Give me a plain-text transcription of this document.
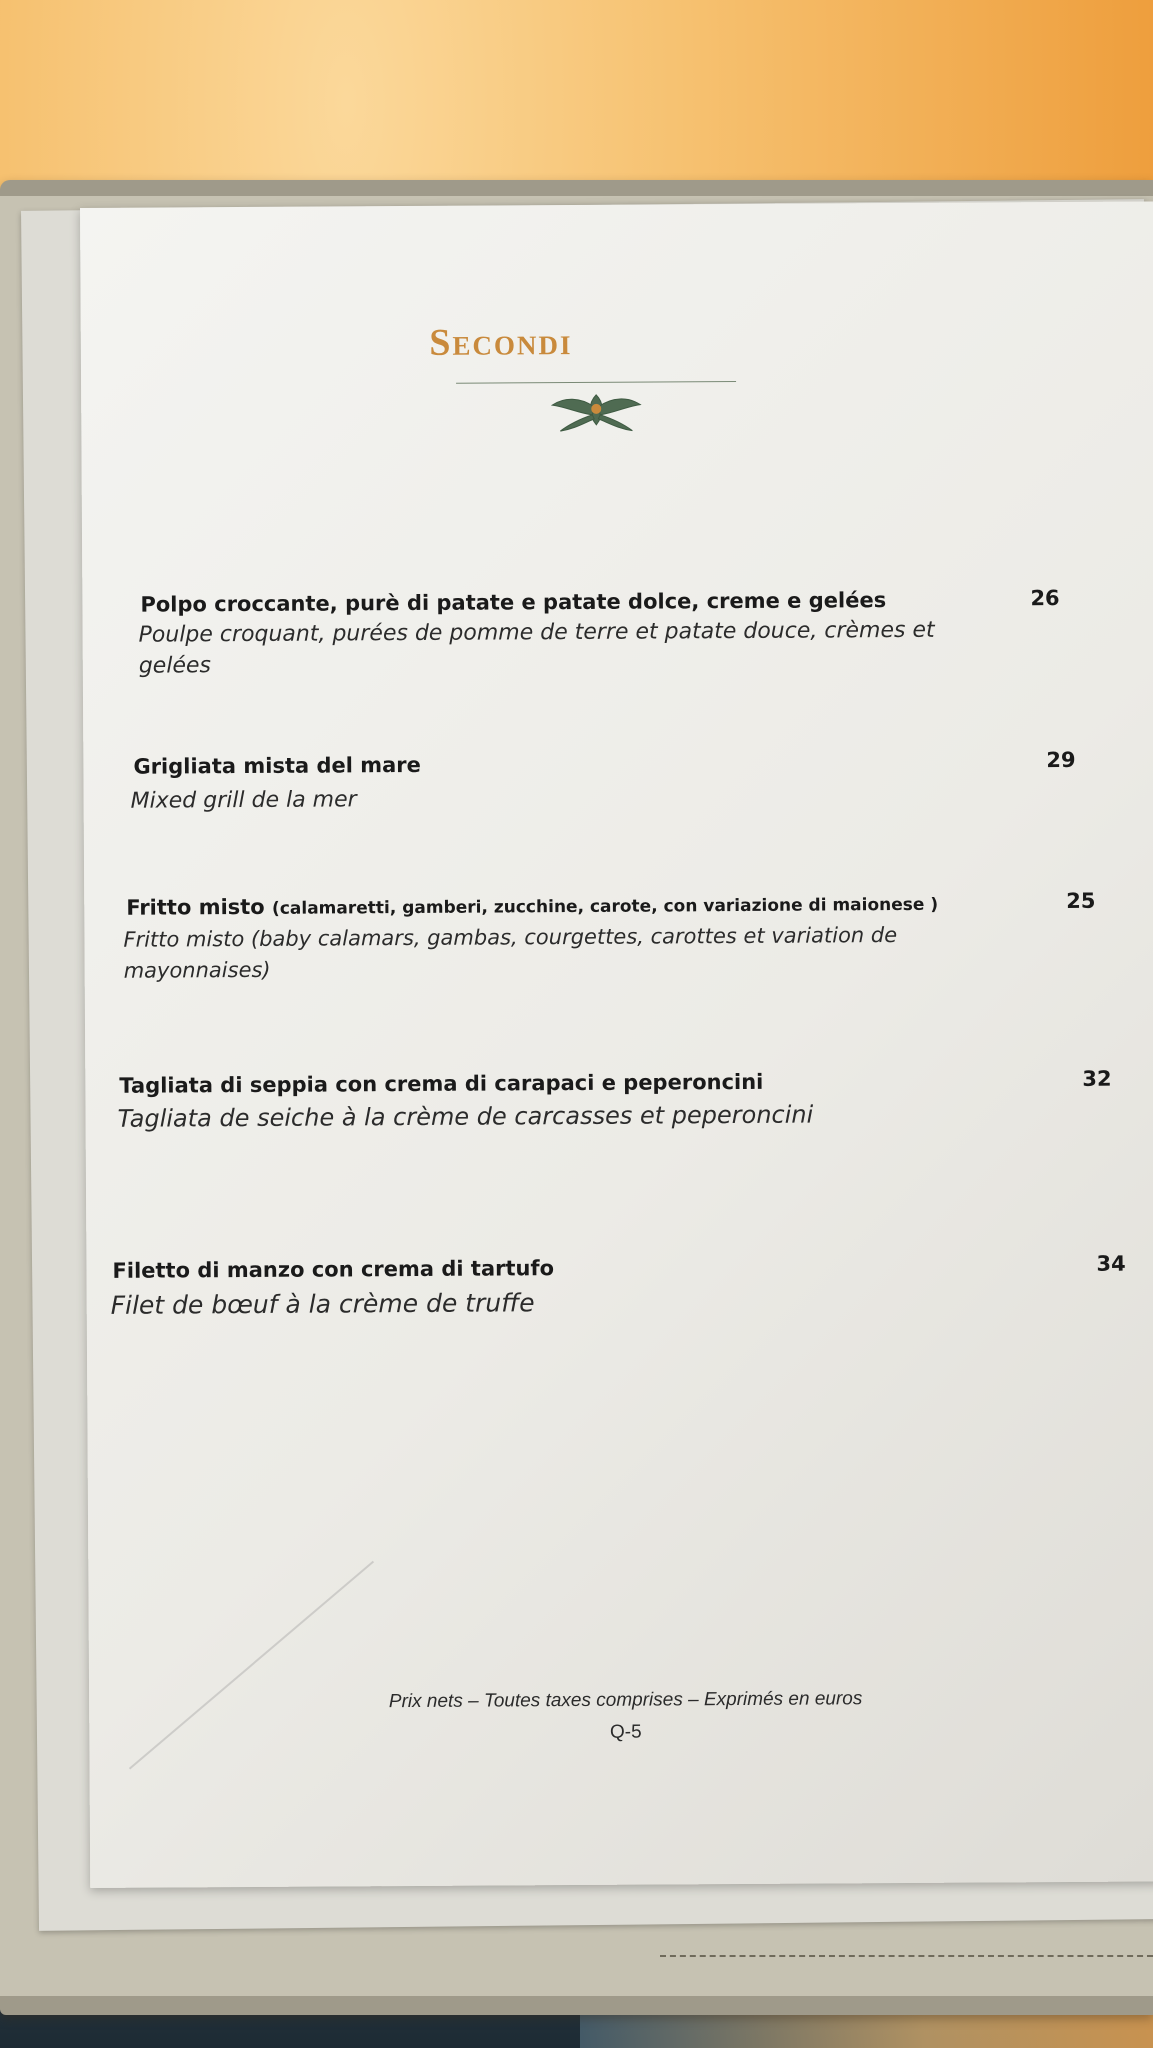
Secondi

Polpo croccante, purè di patate e patate dolce, creme e gelées	26

Poulpe croquant, purées de pomme de terre et patate douce, crèmes et gelées

Grigliata mista del mare	29

Mixed grill de la mer

Fritto misto (calamaretti, gamberi, zucchine, carote, con variazione di maionese )	25

Fritto misto (baby calamars, gambas, courgettes, carottes et variation de mayonnaises)

Tagliata di seppia con crema di carapaci e peperoncini	32

Tagliata de seiche à la crème de carcasses et peperoncini

Filetto di manzo con crema di tartufo	34

Filet de bœuf à la crème de truffe

Prix nets – Toutes taxes comprises – Exprimés en euros

Q-5
